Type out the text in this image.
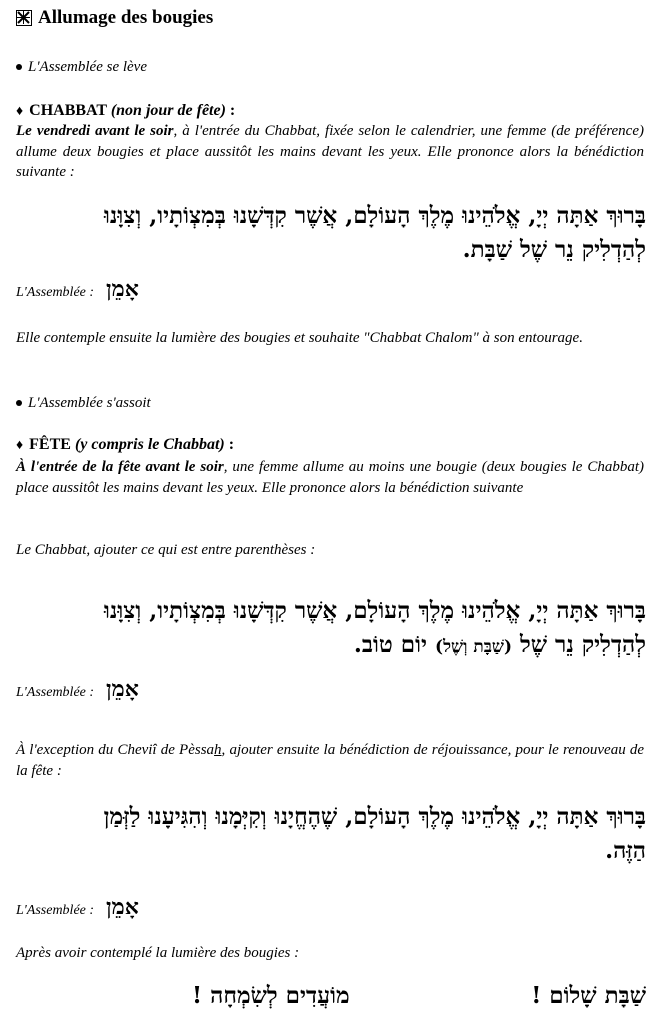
Allumage des bougies
L'Assemblée se lève
♦ CHABBAT (non jour de fête) :
Le vendredi avant le soir, à l'entrée du Chabbat, fixée selon le calendrier, une femme (de préférence) allume deux bougies et place aussitôt les mains devant les yeux. Elle prononce alors la bénédiction suivante :
בָּרוּךְ אַתָּה יְיָ, אֱלֹהֵינוּ מֶלֶךְ הָעוֹלָם, אֲשֶׁר קִדְּשָׁנוּ בְּמִצְוֹתָיו, וְצִוָּנוּ
לְהַדְלִיק נֵר שֶׁל שַׁבָּת.
L'Assemblée : אָמֵן
Elle contemple ensuite la lumière des bougies et souhaite "Chabbat Chalom" à son entourage.
L'Assemblée s'assoit
♦ FÊTE (y compris le Chabbat) :
À l'entrée de la fête avant le soir, une femme allume au moins une bougie (deux bougies le Chabbat) place aussitôt les mains devant les yeux. Elle prononce alors la bénédiction suivante
Le Chabbat, ajouter ce qui est entre parenthèses :
בָּרוּךְ אַתָּה יְיָ, אֱלֹהֵינוּ מֶלֶךְ הָעוֹלָם, אֲשֶׁר קִדְּשָׁנוּ בְּמִצְוֹתָיו, וְצִוָּנוּ
לְהַדְלִיק נֵר שֶׁל (שַׁבָּת וְשֶׁל) יוֹם טוֹב.
L'Assemblée : אָמֵן
À l'exception du Cheviî de Pèssah, ajouter ensuite la bénédiction de réjouissance, pour le renouveau de la fête :
בָּרוּךְ אַתָּה יְיָ, אֱלֹהֵינוּ מֶלֶךְ הָעוֹלָם, שֶׁהֶחֱיָנוּ וְקִיְּמָנוּ וְהִגִּיעָנוּ לַזְּמַן
הַזֶּה.
L'Assemblée : אָמֵן
Après avoir contemplé la lumière des bougies :
שַׁבָּת שָׁלוֹם !
מוֹעֲדִים לְשִׂמְחָה !
